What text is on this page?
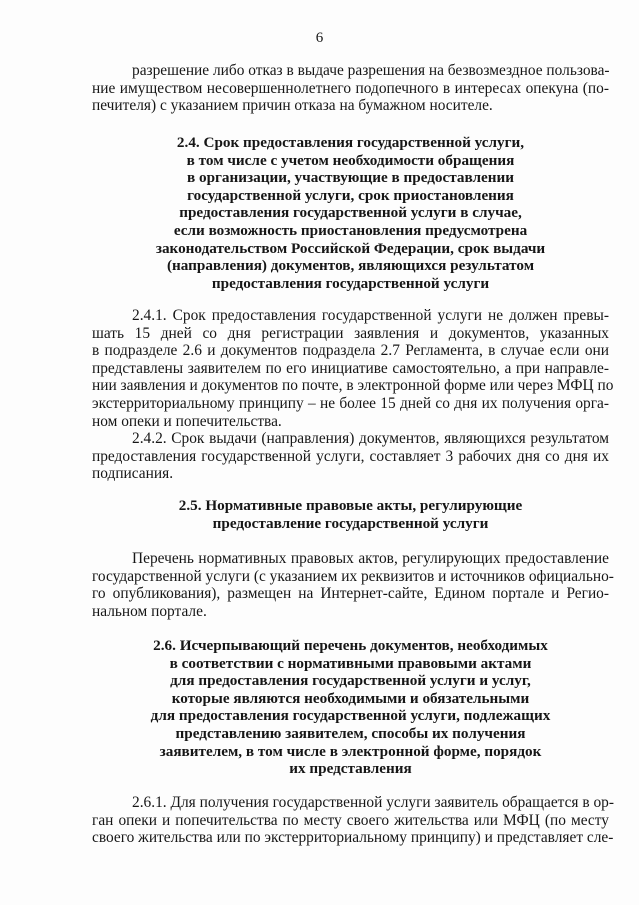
6
разрешение либо отказ в выдаче разрешения на безвозмездное пользова-
ние имуществом несовершеннолетнего подопечного в интересах опекуна (по-
печителя) с указанием причин отказа на бумажном носителе.
2.4. Срок предоставления государственной услуги,
в том числе с учетом необходимости обращения
в организации, участвующие в предоставлении
государственной услуги, срок приостановления
предоставления государственной услуги в случае,
если возможность приостановления предусмотрена
законодательством Российской Федерации, срок выдачи
(направления) документов, являющихся результатом
предоставления государственной услуги
2.4.1. Срок предоставления государственной услуги не должен превы-
шать 15 дней со дня регистрации заявления и документов, указанных
в подразделе 2.6 и документов подраздела 2.7 Регламента, в случае если они
представлены заявителем по его инициативе самостоятельно, а при направле-
нии заявления и документов по почте, в электронной форме или через МФЦ по
экстерриториальному принципу – не более 15 дней со дня их получения орга-
ном опеки и попечительства.
2.4.2. Срок выдачи (направления) документов, являющихся результатом
предоставления государственной услуги, составляет 3 рабочих дня со дня их
подписания.
2.5. Нормативные правовые акты, регулирующие
предоставление государственной услуги
Перечень нормативных правовых актов, регулирующих предоставление
государственной услуги (с указанием их реквизитов и источников официально-
го опубликования), размещен на Интернет-сайте, Едином портале и Регио-
нальном портале.
2.6. Исчерпывающий перечень документов, необходимых
в соответствии с нормативными правовыми актами
для предоставления государственной услуги и услуг,
которые являются необходимыми и обязательными
для предоставления государственной услуги, подлежащих
представлению заявителем, способы их получения
заявителем, в том числе в электронной форме, порядок
их представления
2.6.1. Для получения государственной услуги заявитель обращается в ор-
ган опеки и попечительства по месту своего жительства или МФЦ (по месту
своего жительства или по экстерриториальному принципу) и представляет сле-
